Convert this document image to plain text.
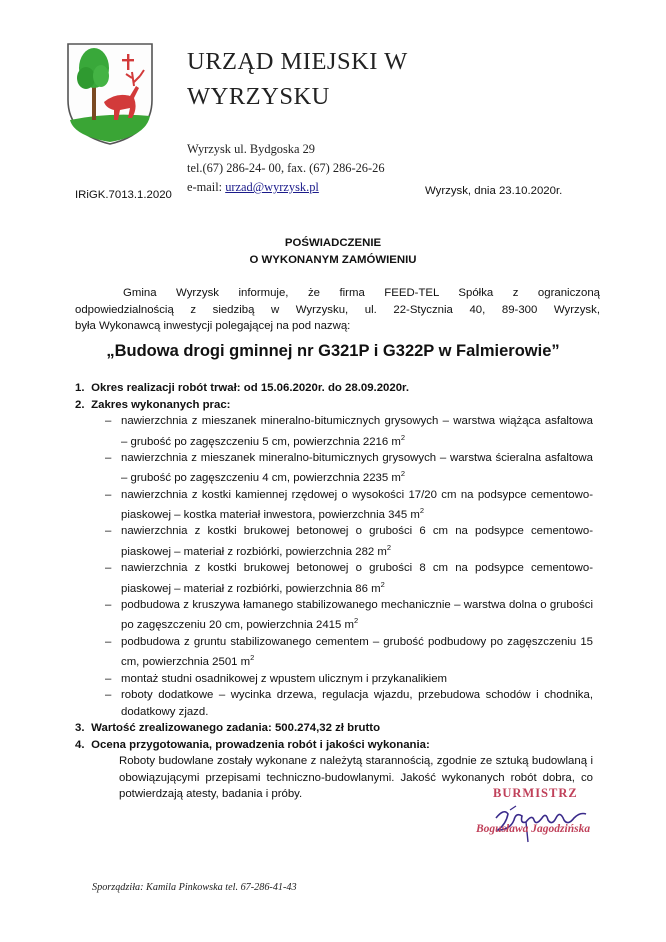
URZĄD MIEJSKI W
WYRZYSKU
Wyrzysk ul. Bydgoska 29
tel.(67) 286-24- 00, fax. (67) 286-26-26
e-mail: urzad@wyrzysk.pl
IRiGK.7013.1.2020	Wyrzysk, dnia 23.10.2020r.
POŚWIADCZENIE
O WYKONANYM ZAMÓWIENIU
Gmina Wyrzysk informuje, że firma FEED-TEL Spółka z ograniczoną
odpowiedzialnością z siedzibą w Wyrzysku, ul. 22-Stycznia 40, 89-300 Wyrzysk,
była Wykonawcą inwestycji polegającej na pod nazwą:
„Budowa drogi gminnej nr G321P i G322P w Falmierowie”

1. Okres realizacji robót trwał: od 15.06.2020r. do 28.09.2020r.

2. Zakres wykonanych prac:

– nawierzchnia z mieszanek mineralno-bitumicznych grysowych – warstwa wiążąca asfaltowa – grubość po zagęszczeniu 5 cm, powierzchnia 2216 $m^2$
– nawierzchnia z mieszanek mineralno-bitumicznych grysowych – warstwa ścieralna asfaltowa – grubość po zagęszczeniu 4 cm, powierzchnia 2235 $m^2$
– nawierzchnia z kostki kamiennej rzędowej o wysokości 17/20 cm na podsypce cementowo-piaskowej – kostka materiał inwestora, powierzchnia 345 $m^2$
– nawierzchnia z kostki brukowej betonowej o grubości 6 cm na podsypce cementowo-piaskowej – materiał z rozbiórki, powierzchnia 282 $m^2$
– nawierzchnia z kostki brukowej betonowej o grubości 8 cm na podsypce cementowo-piaskowej – materiał z rozbiórki, powierzchnia 86 $m^2$
– podbudowa z kruszywa łamanego stabilizowanego mechanicznie – warstwa dolna o grubości po zagęszczeniu 20 cm, powierzchnia 2415 $m^2$
– podbudowa z gruntu stabilizowanego cementem – grubość podbudowy po zagęszczeniu 15 cm, powierzchnia 2501 $m^2$
– montaż studni osadnikowej z wpustem ulicznym i przykanalikiem
– roboty dodatkowe – wycinka drzewa, regulacja wjazdu, przebudowa schodów i chodnika, dodatkowy zjazd.

3. Wartość zrealizowanego zadania: 500.274,32 zł brutto

4. Ocena przygotowania, prowadzenia robót i jakości wykonania:

Roboty budowlane zostały wykonane z należytą starannością, zgodnie ze sztuką budowlaną i obowiązującymi przepisami techniczno-budowlanymi. Jakość wykonanych robót dobra, co potwierdzają atesty, badania i próby.	BURMISTRZ
Bogusława Jagodzińska
Sporządziła: Kamila Pinkowska tel. 67-286-41-43
